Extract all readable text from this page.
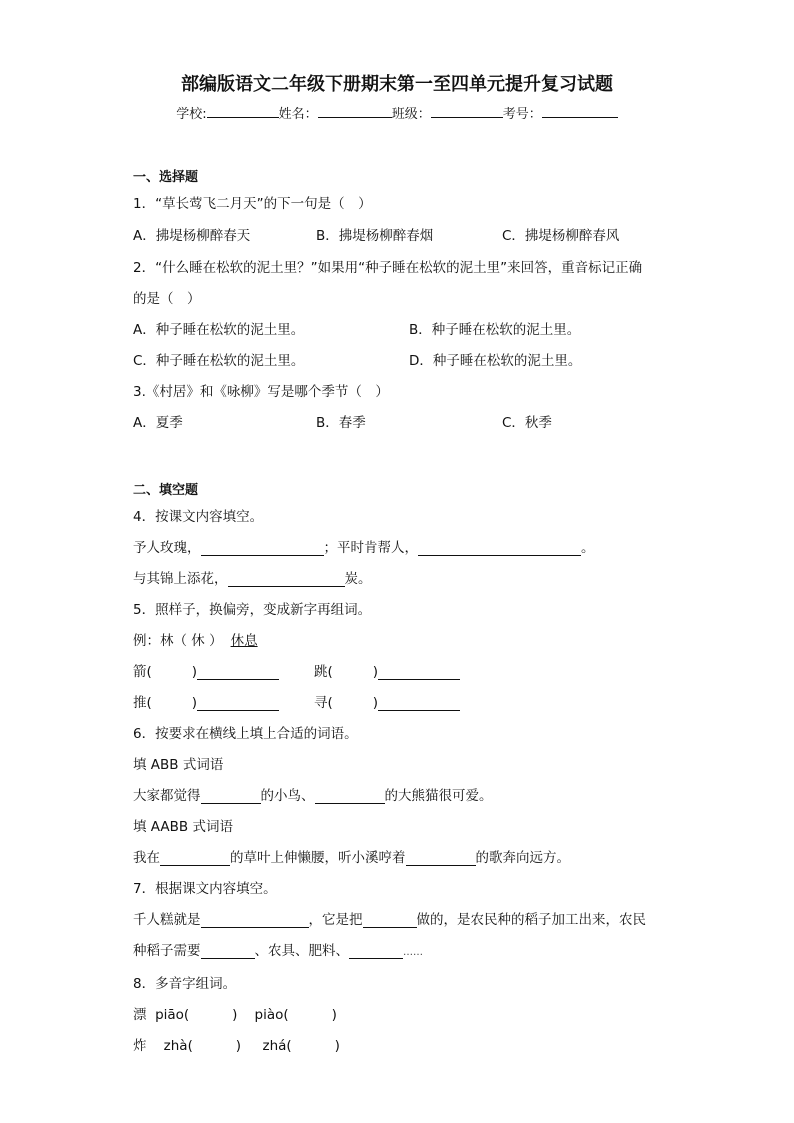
部编版语文二年级下册期末第一至四单元提升复习试题
学校:	姓名：	班级：	考号：
一、选择题
1．“草长莺飞二月天”的下一句是（　）
A．拂堤杨柳醉春天	B．拂堤杨柳醉春烟	C．拂堤杨柳醉春风
2．“什么睡在松软的泥土里？”如果用“种子睡在松软的泥土里”来回答，重音标记正确
的是（　）
A．种子睡在松软的泥土里。	B．种子睡在松软的泥土里。
C．种子睡在松软的泥土里。	D．种子睡在松软的泥土里。
3.《村居》和《咏柳》写是哪个季节（　）
A．夏季	B．春季	C．秋季
二、填空题
4．按课文内容填空。
予人玫瑰，	；平时肯帮人，	。
与其锦上添花，	炭。
5．照样子，换偏旁，变成新字再组词。
例：林（ 休 ） 休息
箭(	)	跳(	)
推(	)	寻(	)
6．按要求在横线上填上合适的词语。
填 ABB 式词语
大家都觉得	的小鸟、	的大熊猫很可爱。
填 AABB 式词语
我在	的草叶上伸懒腰，听小溪哼着	的歌奔向远方。
7．根据课文内容填空。
千人糕就是	，它是把	做的，是农民种的稻子加工出来，农民
种稻子需要	、农具、肥料、	……
8．多音字组词。
漂  piāo(          )    piào(          )
炸    zhà(          )     zhá(          )
